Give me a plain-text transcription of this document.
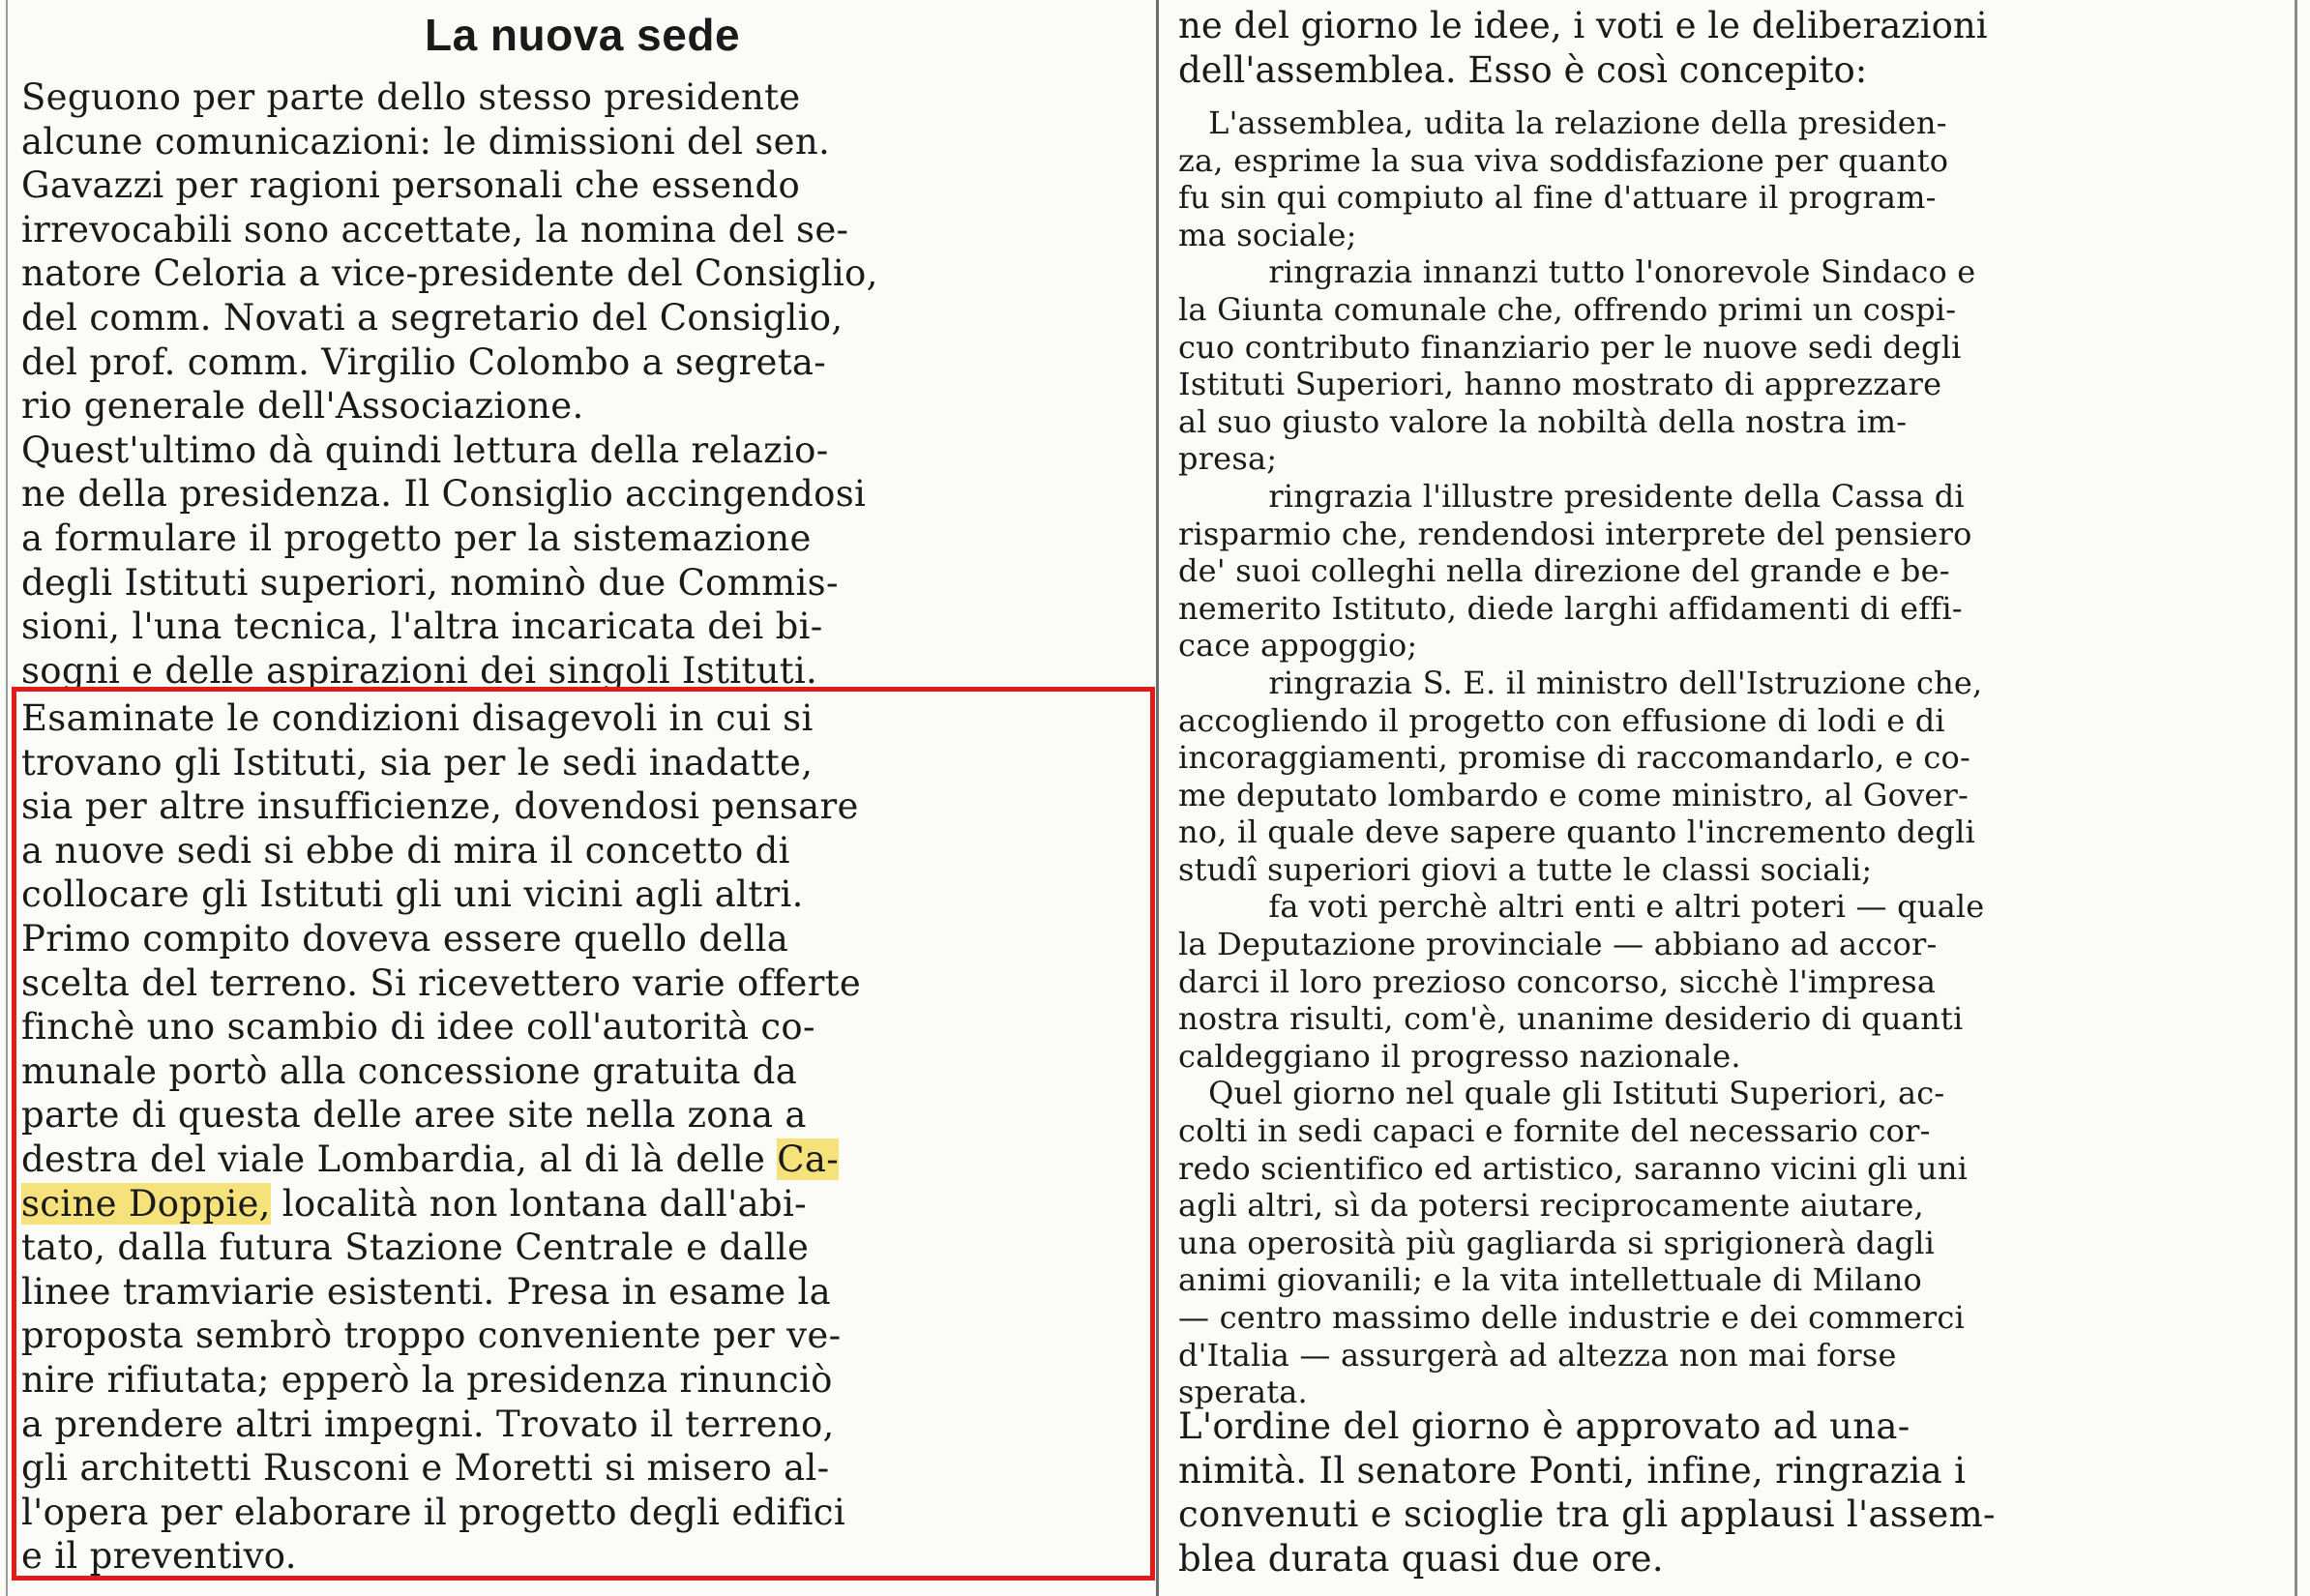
La nuova sede
Seguono per parte dello stesso presidente
alcune comunicazioni: le dimissioni del sen.
Gavazzi per ragioni personali che essendo
irrevocabili sono accettate, la nomina del se-
natore Celoria a vice-presidente del Consiglio,
del comm. Novati a segretario del Consiglio,
del prof. comm. Virgilio Colombo a segreta-
rio generale dell'Associazione.
Quest'ultimo dà quindi lettura della relazio-
ne della presidenza. Il Consiglio accingendosi
a formulare il progetto per la sistemazione
degli Istituti superiori, nominò due Commis-
sioni, l'una tecnica, l'altra incaricata dei bi-
sogni e delle aspirazioni dei singoli Istituti.
Esaminate le condizioni disagevoli in cui si
trovano gli Istituti, sia per le sedi inadatte,
sia per altre insufficienze, dovendosi pensare
a nuove sedi si ebbe di mira il concetto di
collocare gli Istituti gli uni vicini agli altri.
Primo compito doveva essere quello della
scelta del terreno. Si ricevettero varie offerte
finchè uno scambio di idee coll'autorità co-
munale portò alla concessione gratuita da
parte di questa delle aree site nella zona a
destra del viale Lombardia, al di là delle Ca-
scine Doppie, località non lontana dall'abi-
tato, dalla futura Stazione Centrale e dalle
linee tramviarie esistenti. Presa in esame la
proposta sembrò troppo conveniente per ve-
nire rifiutata; epperò la presidenza rinunciò
a prendere altri impegni. Trovato il terreno,
gli architetti Rusconi e Moretti si misero al-
l'opera per elaborare il progetto degli edifici
e il preventivo.
ne del giorno le idee, i voti e le deliberazioni
dell'assemblea. Esso è così concepito:
L'assemblea, udita la relazione della presiden-
za, esprime la sua viva soddisfazione per quanto
fu sin qui compiuto al fine d'attuare il program-
ma sociale;
ringrazia innanzi tutto l'onorevole Sindaco e
la Giunta comunale che, offrendo primi un cospi-
cuo contributo finanziario per le nuove sedi degli
Istituti Superiori, hanno mostrato di apprezzare
al suo giusto valore la nobiltà della nostra im-
presa;
ringrazia l'illustre presidente della Cassa di
risparmio che, rendendosi interprete del pensiero
de' suoi colleghi nella direzione del grande e be-
nemerito Istituto, diede larghi affidamenti di effi-
cace appoggio;
ringrazia S. E. il ministro dell'Istruzione che,
accogliendo il progetto con effusione di lodi e di
incoraggiamenti, promise di raccomandarlo, e co-
me deputato lombardo e come ministro, al Gover-
no, il quale deve sapere quanto l'incremento degli
studî superiori giovi a tutte le classi sociali;
fa voti perchè altri enti e altri poteri — quale
la Deputazione provinciale — abbiano ad accor-
darci il loro prezioso concorso, sicchè l'impresa
nostra risulti, com'è, unanime desiderio di quanti
caldeggiano il progresso nazionale.
Quel giorno nel quale gli Istituti Superiori, ac-
colti in sedi capaci e fornite del necessario cor-
redo scientifico ed artistico, saranno vicini gli uni
agli altri, sì da potersi reciprocamente aiutare,
una operosità più gagliarda si sprigionerà dagli
animi giovanili; e la vita intellettuale di Milano
— centro massimo delle industrie e dei commerci
d'Italia — assurgerà ad altezza non mai forse
sperata.
L'ordine del giorno è approvato ad una-
nimità. Il senatore Ponti, infine, ringrazia i
convenuti e scioglie tra gli applausi l'assem-
blea durata quasi due ore.
